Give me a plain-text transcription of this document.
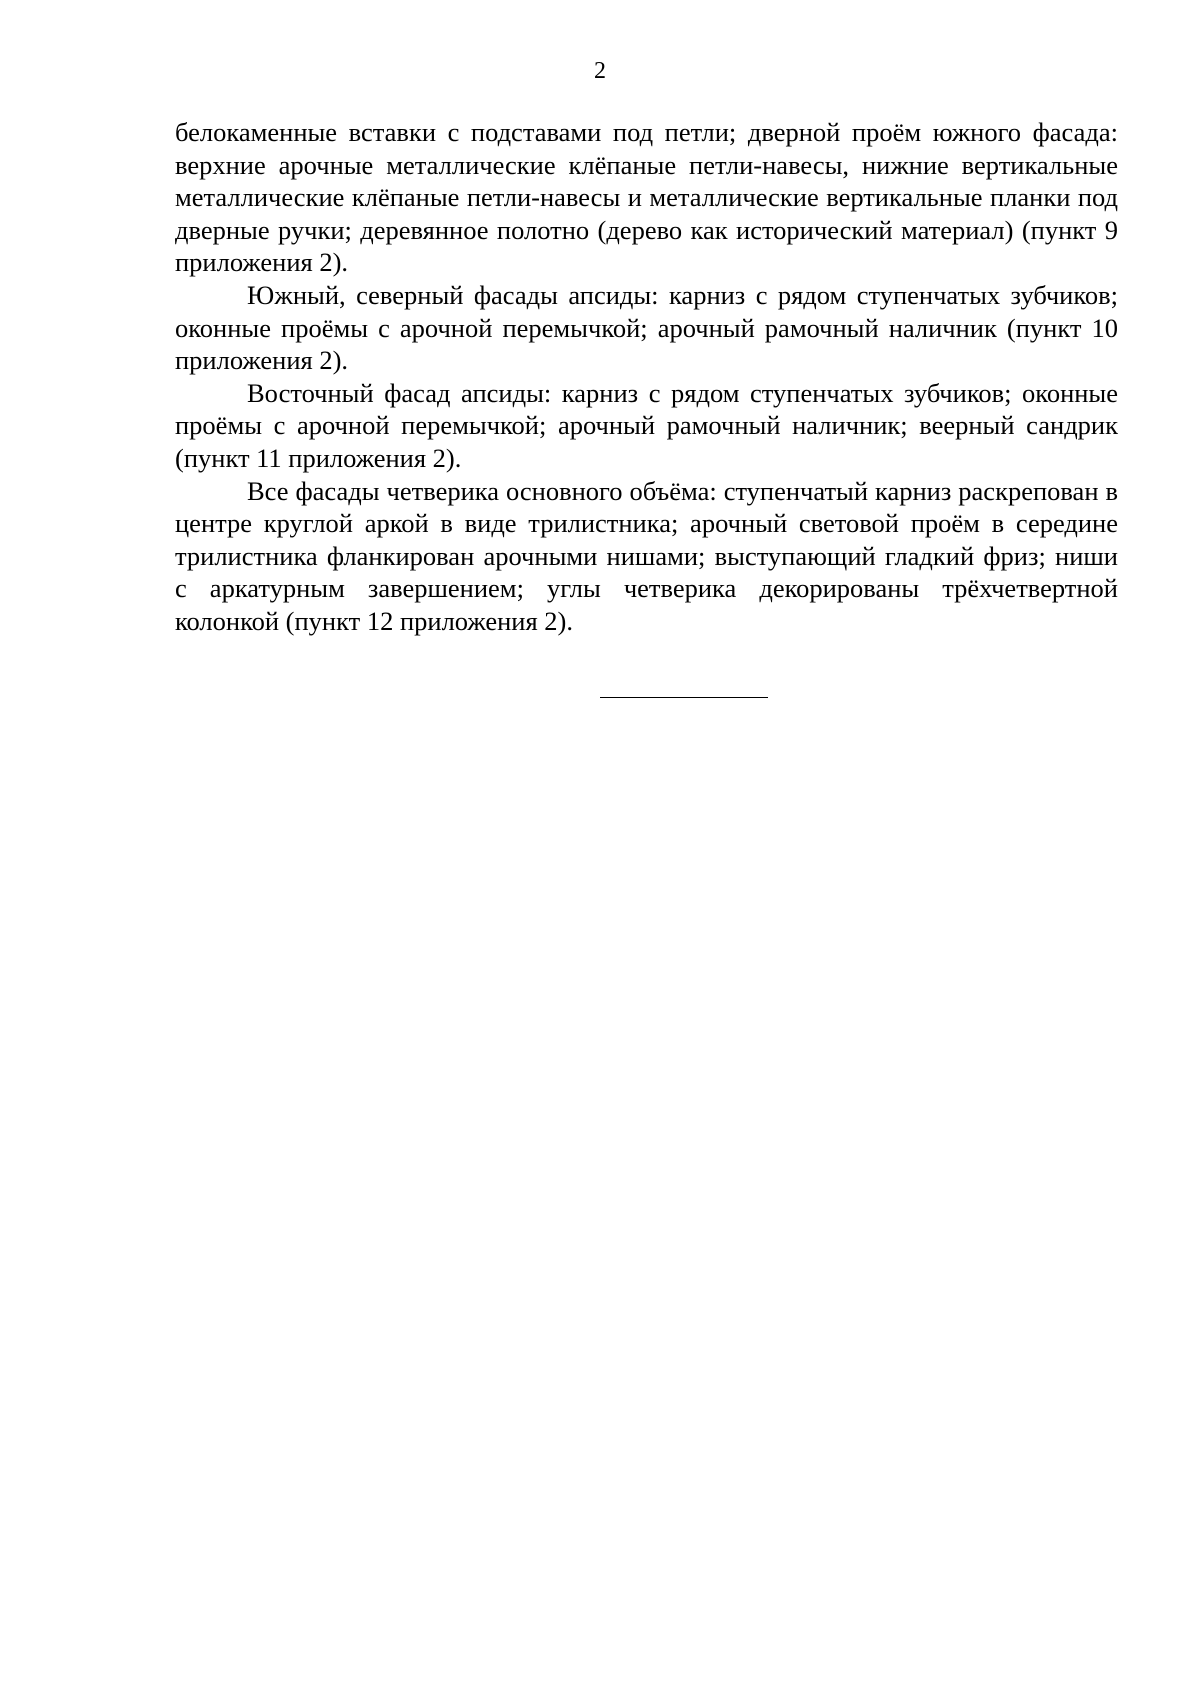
2

белокаменные вставки с подставами под петли; дверной проём южного фасада: верхние арочные металлические клёпаные петли-навесы, нижние вертикальные металлические клёпаные петли-навесы и металлические вертикальные планки под дверные ручки; деревянное полотно (дерево как исторический материал) (пункт 9 приложения 2).

Южный, северный фасады апсиды: карниз с рядом ступенчатых зубчиков; оконные проёмы с арочной перемычкой; арочный рамочный наличник (пункт 10 приложения 2).

Восточный фасад апсиды: карниз с рядом ступенчатых зубчиков; оконные проёмы с арочной перемычкой; арочный рамочный наличник; веерный сандрик (пункт 11 приложения 2).

Все фасады четверика основного объёма: ступенчатый карниз раскрепован в центре круглой аркой в виде трилистника; арочный световой проём в середине трилистника фланкирован арочными нишами; выступающий гладкий фриз; ниши с аркатурным завершением; углы четверика декорированы трёхчетвертной колонкой (пункт 12 приложения 2).
